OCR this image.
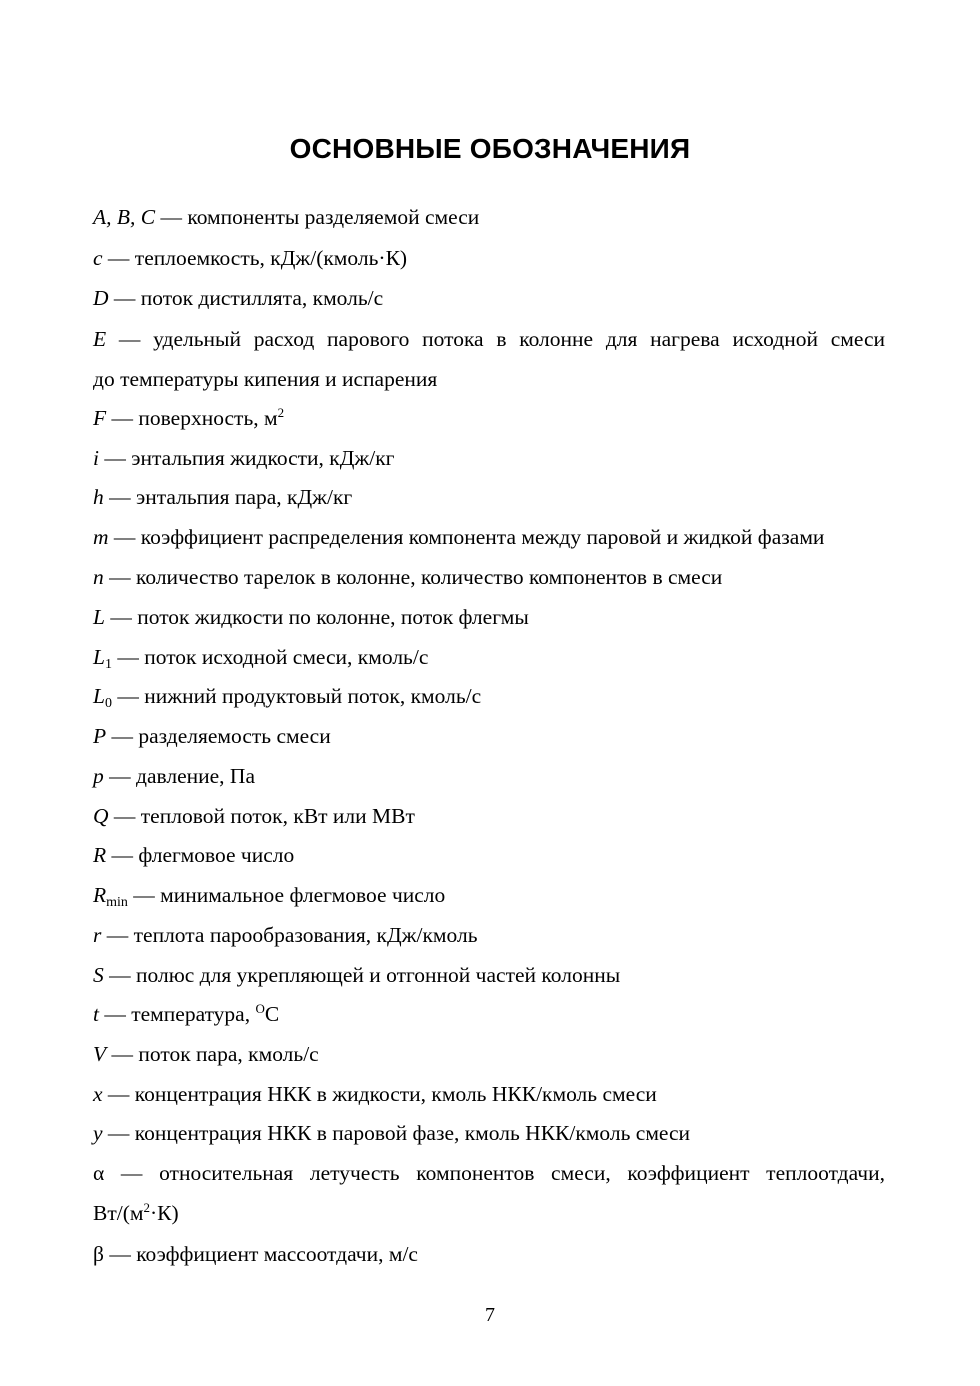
ОСНОВНЫЕ ОБОЗНАЧЕНИЯ
A, B, C — компоненты разделяемой смеси
c — теплоемкость, кДж/(кмоль·К)
D — поток дистиллята, кмоль/с
E — удельный расход парового потока в колонне для нагрева исходной смеси
до температуры кипения и испарения
F — поверхность, $м^2$
i — энтальпия жидкости, кДж/кг
h — энтальпия пара, кДж/кг
m — коэффициент распределения компонента между паровой и жидкой фазами
n — количество тарелок в колонне, количество компонентов в смеси
L — поток жидкости по колонне, поток флегмы
$L_1$ — поток исходной смеси, кмоль/с
$L_0$ — нижний продуктовый поток, кмоль/с
P — разделяемость смеси
p — давление, Па
Q — тепловой поток, кВт или МВт
R — флегмовое число
$R_{min}$ — минимальное флегмовое число
r — теплота парообразования, кДж/кмоль
S — полюс для укрепляющей и отгонной частей колонны
t — температура, $^O$С
V — поток пара, кмоль/с
x — концентрация НКК в жидкости, кмоль НКК/кмоль смеси
y — концентрация НКК в паровой фазе, кмоль НКК/кмоль смеси
α — относительная летучесть компонентов смеси, коэффициент теплоотдачи,
$Вт/(м^2\cdot К)$
β — коэффициент массоотдачи, м/с
7
